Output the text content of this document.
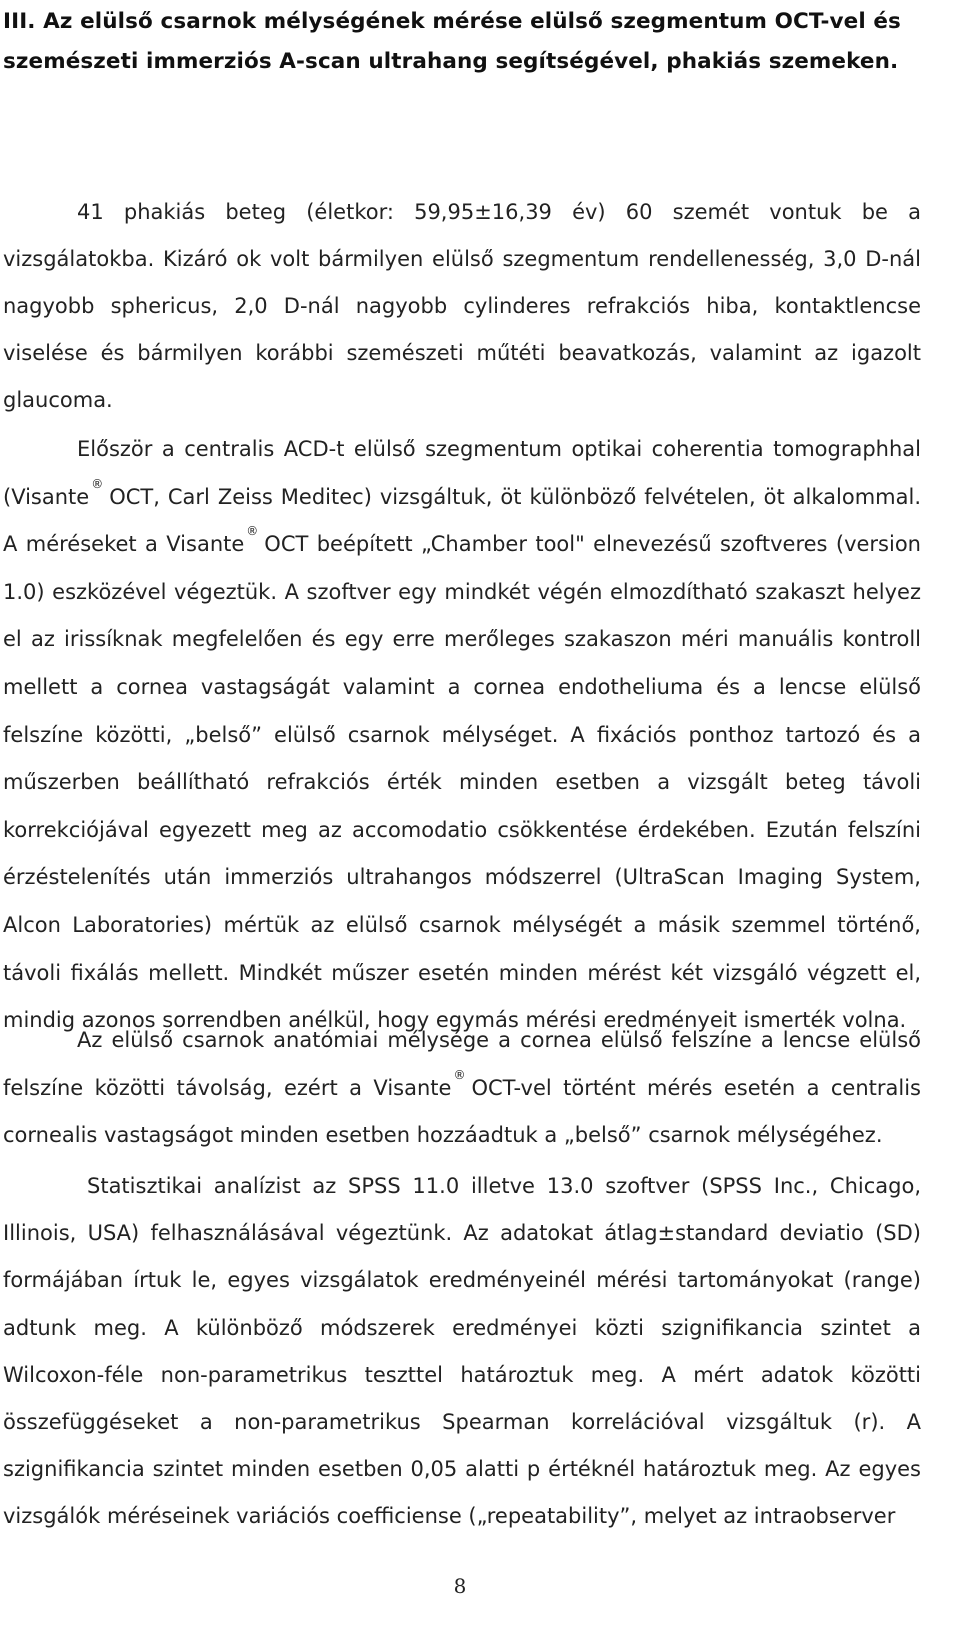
III. Az elülső csarnok mélységének mérése elülső szegmentum OCT-vel és szemészeti immerziós A-scan ultrahang segítségével, phakiás szemeken.

41 phakiás beteg (életkor: 59,95±16,39 év) 60 szemét vontuk be a vizsgálatokba. Kizáró ok volt bármilyen elülső szegmentum rendellenesség, 3,0 D-nál nagyobb sphericus, 2,0 D-nál nagyobb cylinderes refrakciós hiba, kontaktlencse viselése és bármilyen korábbi szemészeti műtéti beavatkozás, valamint az igazolt glaucoma.

Először a centralis ACD-t elülső szegmentum optikai coherentia tomographhal (Visante®OCT, Carl Zeiss Meditec) vizsgáltuk, öt különböző felvételen, öt alkalommal. A méréseket a Visante®OCT beépített „Chamber tool" elnevezésű szoftveres (version 1.0) eszközével végeztük. A szoftver egy mindkét végén elmozdítható szakaszt helyez el az irissíknak megfelelően és egy erre merőleges szakaszon méri manuális kontroll mellett a cornea vastagságát valamint a cornea endotheliuma és a lencse elülső felszíne közötti, „belső” elülső csarnok mélységet. A fixációs ponthoz tartozó és a műszerben beállítható refrakciós érték minden esetben a vizsgált beteg távoli korrekciójával egyezett meg az accomodatio csökkentése érdekében. Ezután felszíni érzéstelenítés után immerziós ultrahangos módszerrel (UltraScan Imaging System, Alcon Laboratories) mértük az elülső csarnok mélységét a másik szemmel történő, távoli fixálás mellett. Mindkét műszer esetén minden mérést két vizsgáló végzett el, mindig azonos sorrendben anélkül, hogy egymás mérési eredményeit ismerték volna.

Az elülső csarnok anatómiai mélysége a cornea elülső felszíne a lencse elülső felszíne közötti távolság, ezért a Visante®OCT-vel történt mérés esetén a centralis cornealis vastagságot minden esetben hozzáadtuk a „belső” csarnok mélységéhez.

Statisztikai analízist az SPSS 11.0 illetve 13.0 szoftver (SPSS Inc., Chicago, Illinois, USA) felhasználásával végeztünk. Az adatokat átlag±standard deviatio (SD) formájában írtuk le, egyes vizsgálatok eredményeinél mérési tartományokat (range) adtunk meg. A különböző módszerek eredményei közti szignifikancia szintet a Wilcoxon-féle non-parametrikus teszttel határoztuk meg. A mért adatok közötti összefüggéseket a non-parametrikus Spearman korrelációval vizsgáltuk (r). A szignifikancia szintet minden esetben 0,05 alatti p értéknél határoztuk meg. Az egyes vizsgálók méréseinek variációs coefficiense („repeatability”, melyet az intraobserver

8
